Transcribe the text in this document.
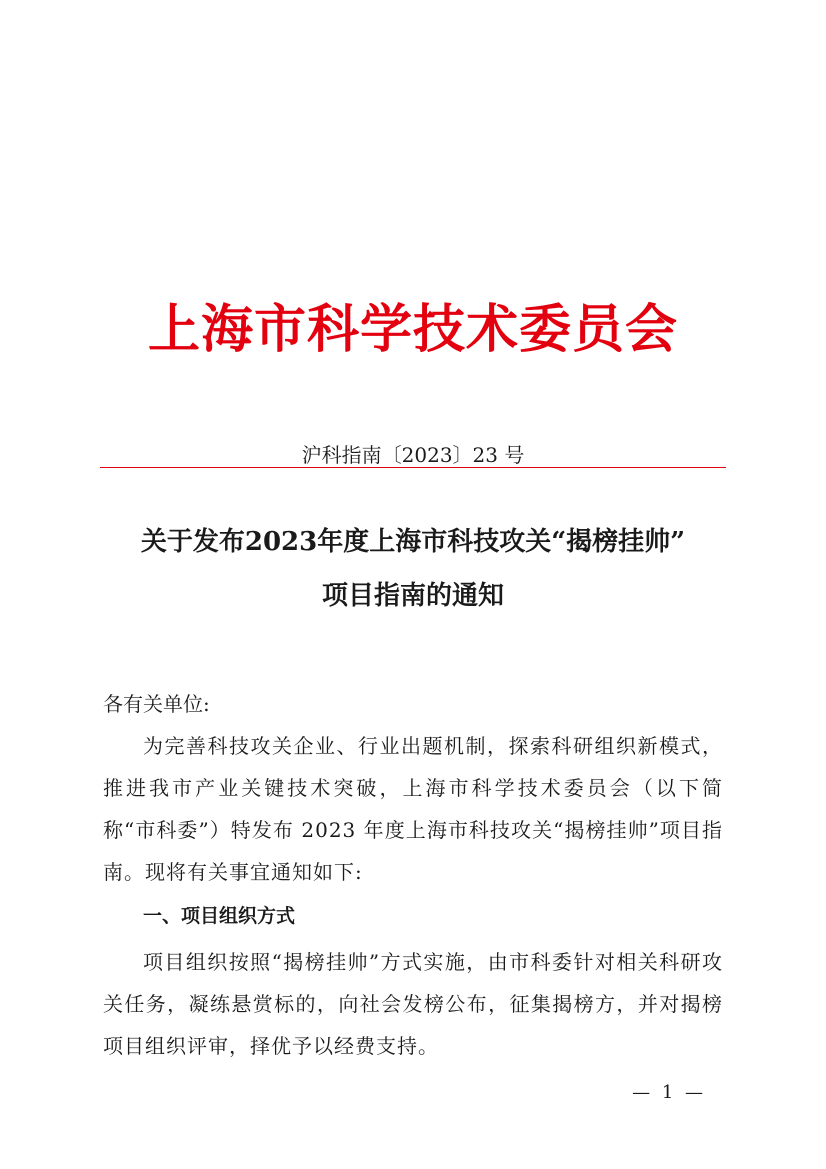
上海市科学技术委员会
沪科指南〔2023〕23 号
关于发布2023年度上海市科技攻关“揭榜挂帅”
项目指南的通知

各有关单位:

为完善科技攻关企业、行业出题机制，探索科研组织新模式，推进我市产业关键技术突破，上海市科学技术委员会（以下简称“市科委”）特发布 2023 年度上海市科技攻关“揭榜挂帅”项目指南。现将有关事宜通知如下:

一、项目组织方式

项目组织按照“揭榜挂帅”方式实施，由市科委针对相关科研攻关任务，凝练悬赏标的，向社会发榜公布，征集揭榜方，并对揭榜项目组织评审，择优予以经费支持。

— 1 —
